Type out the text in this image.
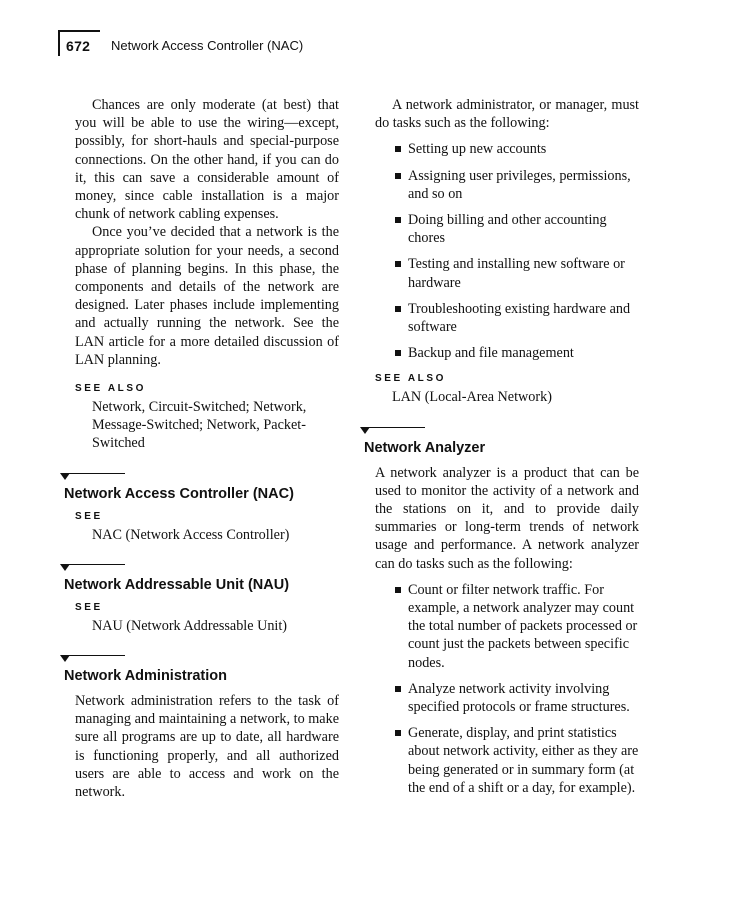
672 Network Access Controller (NAC)

Chances are only moderate (at best) that you will be able to use the wiring—except, possibly, for short-hauls and special-purpose connections. On the other hand, if you can do it, this can save a considerable amount of money, since cable installation is a major chunk of network cabling expenses.

Once you’ve decided that a network is the appropriate solution for your needs, a second phase of planning begins. In this phase, the components and details of the network are designed. Later phases include implementing and actually running the network. See the LAN article for a more detailed discussion of LAN planning.

SEE ALSO

Network, Circuit-Switched; Network, Message-Switched; Network, Packet-Switched

Network Access Controller (NAC)
SEE

NAC (Network Access Controller)

Network Addressable Unit (NAU)
SEE

NAU (Network Addressable Unit)

Network Administration

Network administration refers to the task of managing and maintaining a network, to make sure all programs are up to date, all hardware is functioning properly, and all authorized users are able to access and work on the network.

A network administrator, or manager, must do tasks such as the following:

Setting up new accounts
Assigning user privileges, permissions, and so on
Doing billing and other accounting chores
Testing and installing new software or hardware
Troubleshooting existing hardware and software
Backup and file management
SEE ALSO

LAN (Local-Area Network)

Network Analyzer

A network analyzer is a product that can be used to monitor the activity of a network and the stations on it, and to provide daily summaries or long-term trends of network usage and performance. A network analyzer can do tasks such as the following:

Count or filter network traffic. For example, a network analyzer may count the total number of packets processed or count just the packets between specific nodes.
Analyze network activity involving specified protocols or frame structures.
Generate, display, and print statistics about network activity, either as they are being generated or in summary form (at the end of a shift or a day, for example).
